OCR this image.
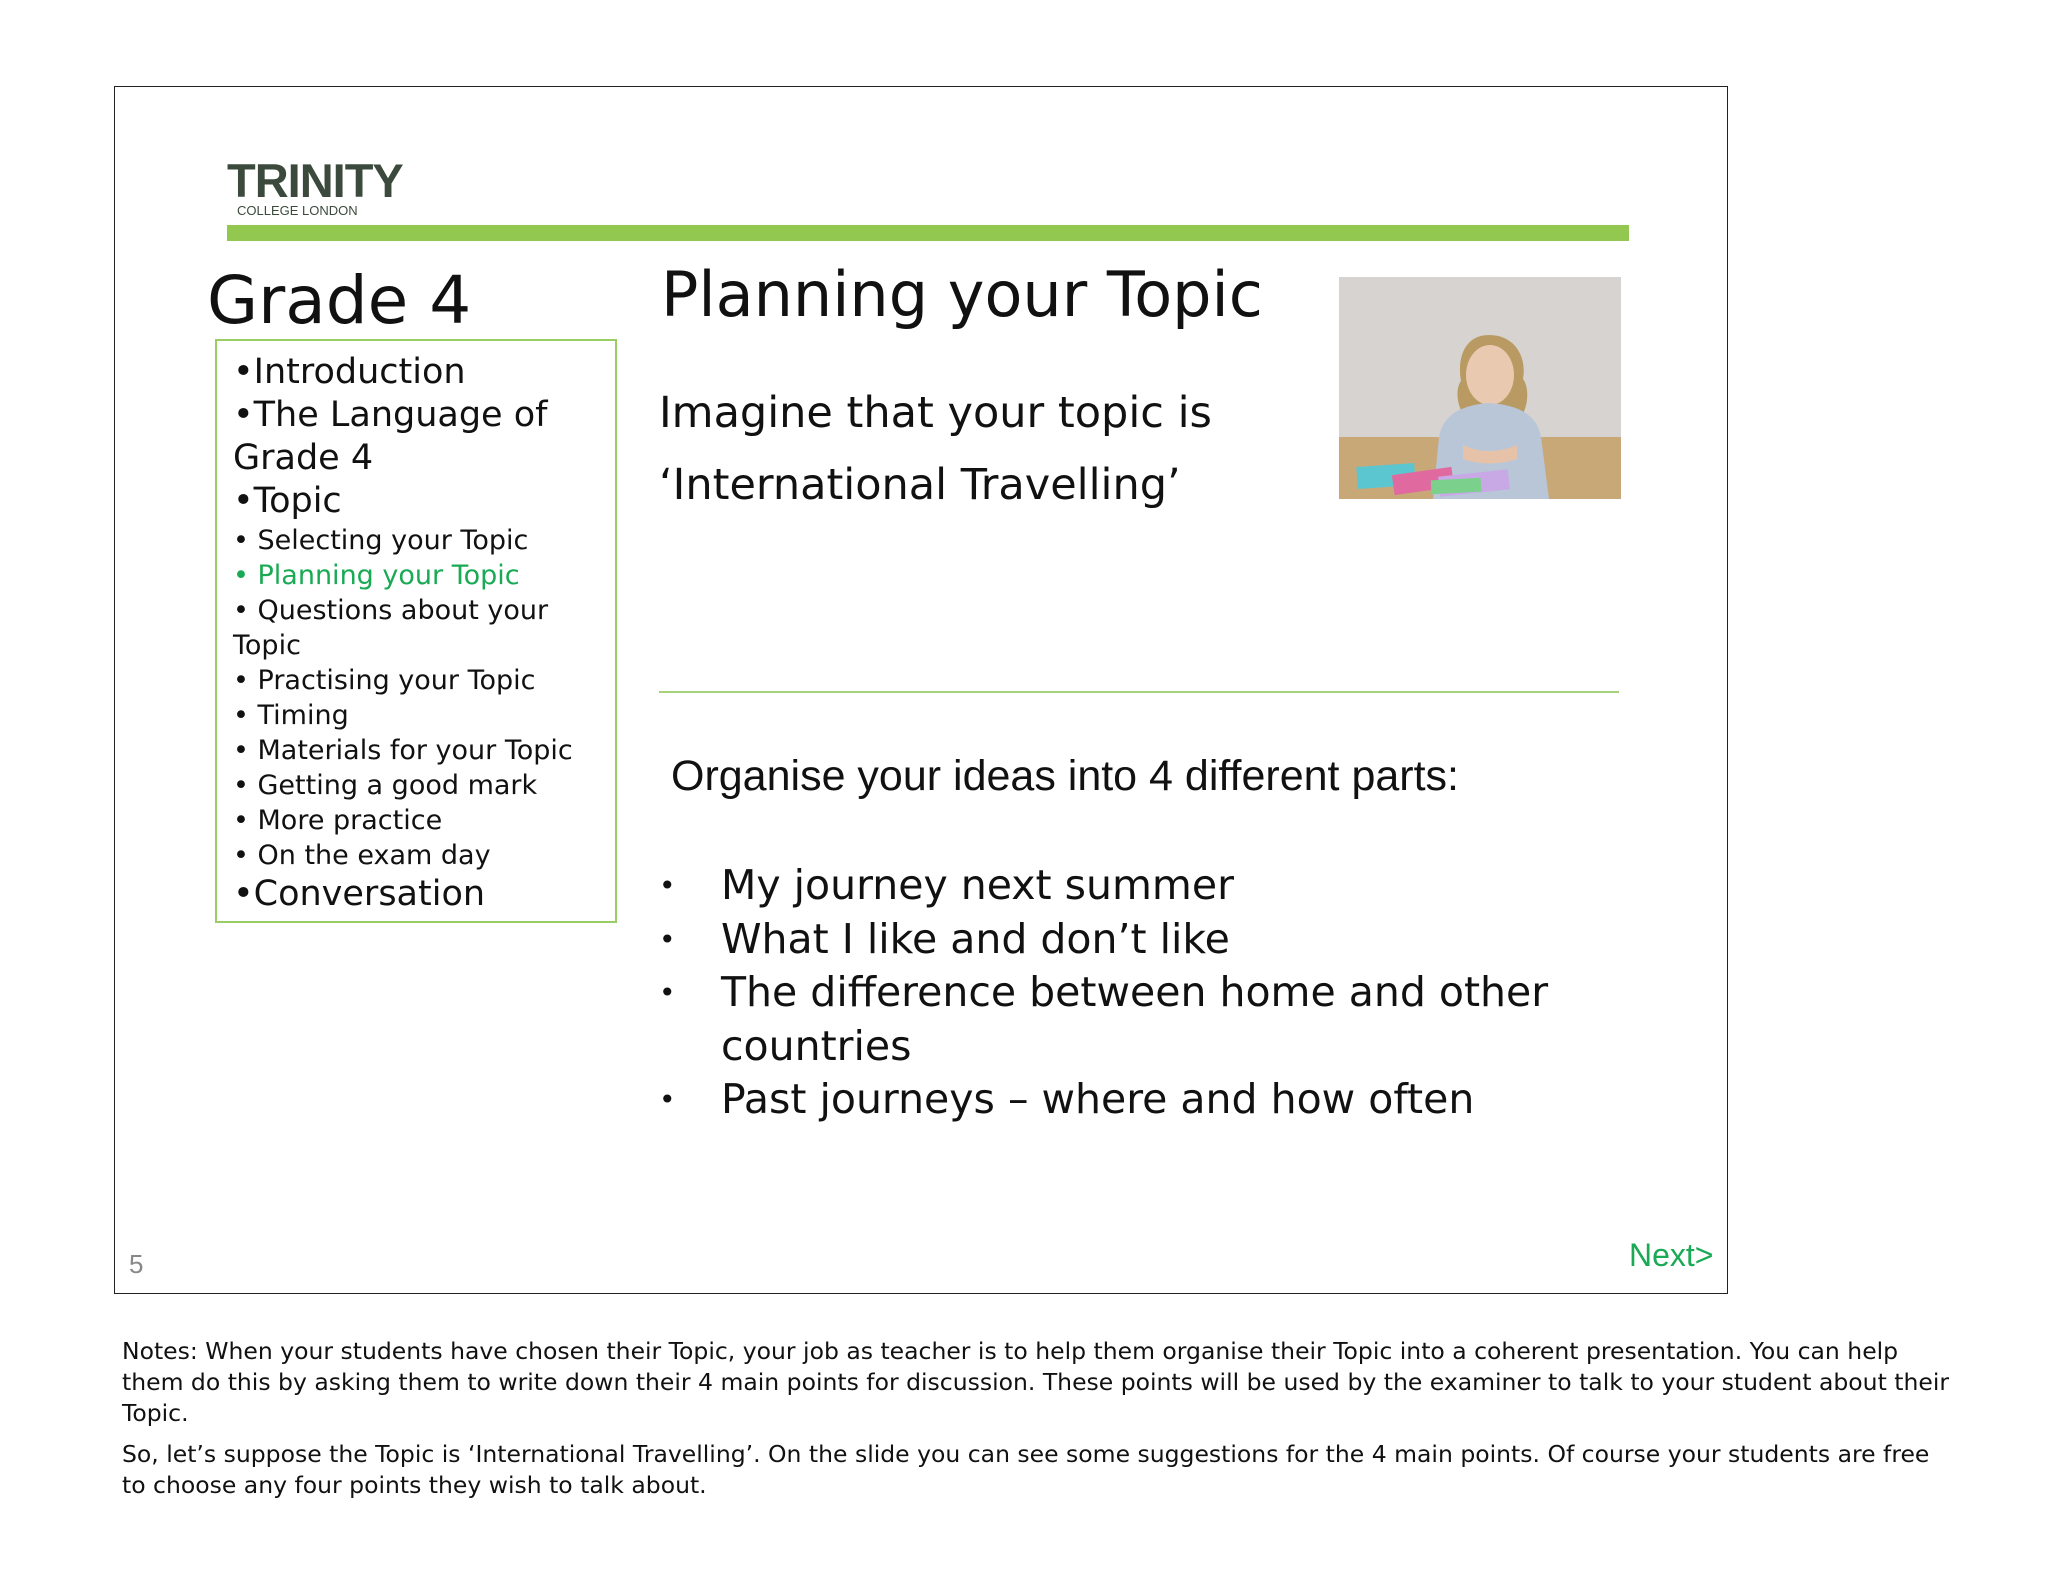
TRINITY
COLLEGE LONDON
Grade 4
•Introduction
•The Language of Grade 4
•Topic
• Selecting your Topic
• Planning your Topic
• Questions about your Topic
• Practising your Topic
• Timing
• Materials for your Topic
• Getting a good mark
• More practice
• On the exam day
•Conversation
Planning your Topic
Imagine that your topic is
‘International Travelling’
Organise your ideas into 4 different parts:
• My journey next summer
• What I like and don’t like
• The difference between home and other countries
• Past journeys – where and how often
5	Next>

Notes: When your students have chosen their Topic, your job as teacher is to help them organise their Topic into a coherent presentation. You can help them do this by asking them to write down their 4 main points for discussion. These points will be used by the examiner to talk to your student about their Topic.

So, let’s suppose the Topic is ‘International Travelling’. On the slide you can see some suggestions for the 4 main points. Of course your students are free to choose any four points they wish to talk about.
